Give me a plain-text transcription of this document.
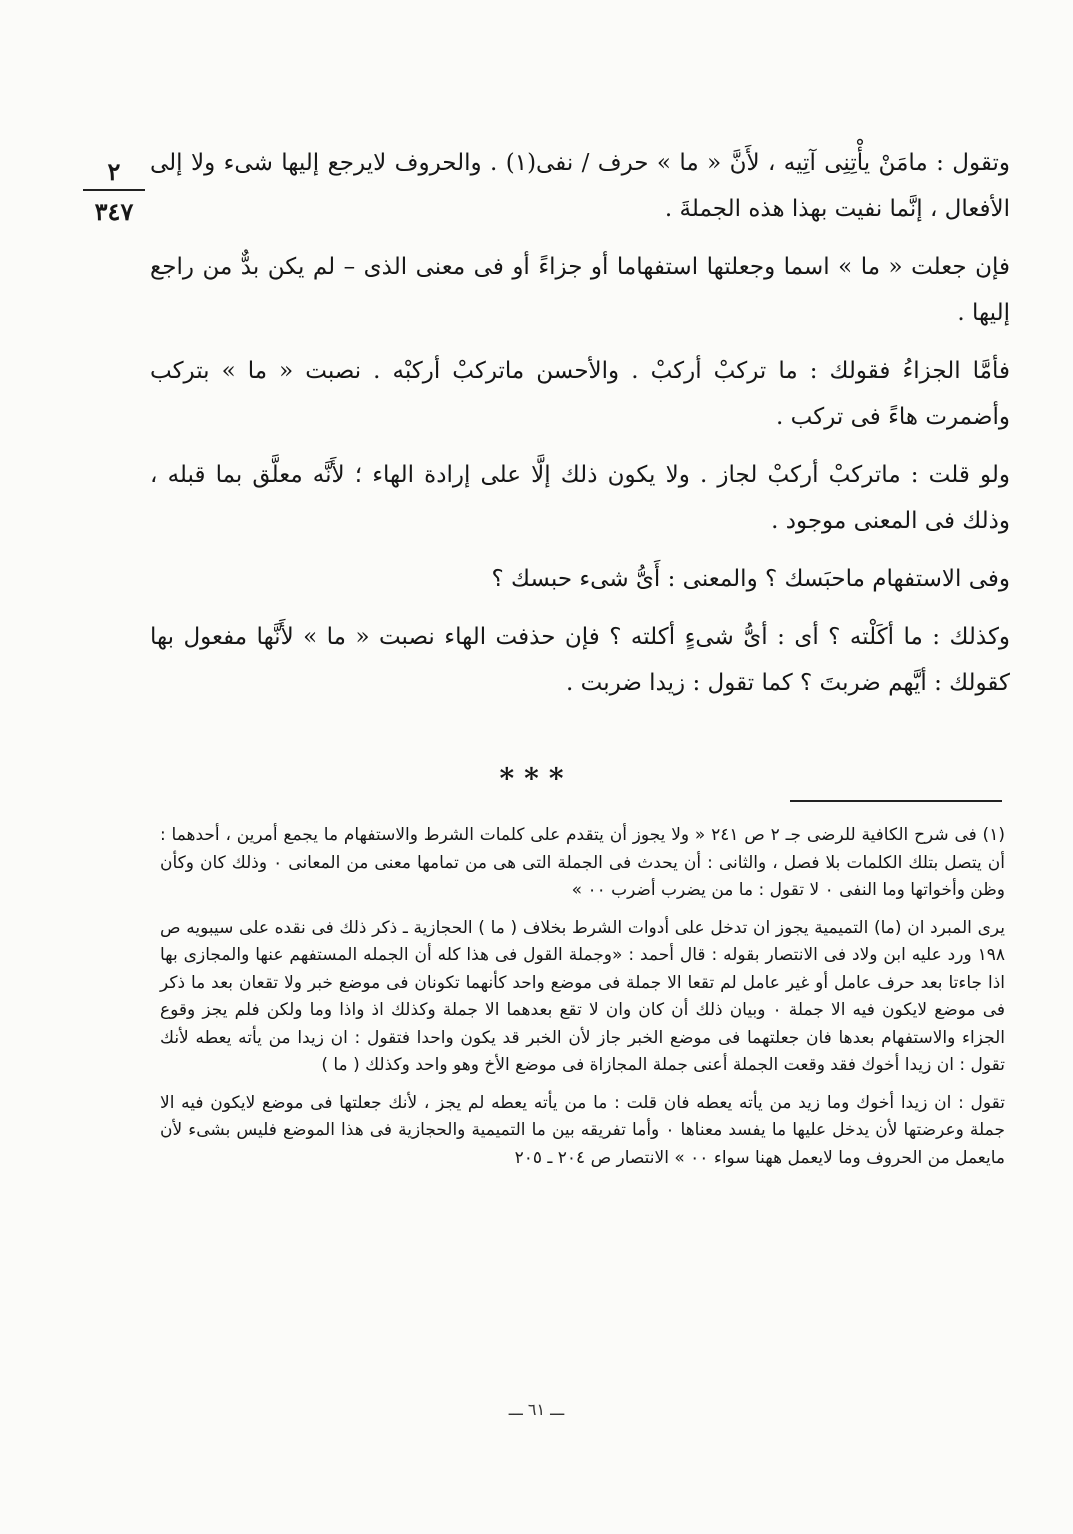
٢
٣٤٧

وتقول : مامَنْ يأْتِنِى آتِيه ، لأَنَّ « ما » حرف / نفى(١) . والحروف لايرجع إليها شىء ولا إلى الأفعال ، إنَّما نفيت بهذا هذه الجملةَ .

فإن جعلت « ما » اسما وجعلتها استفهاما أو جزاءً أو فى معنى الذى – لم يكن بدٌّ من راجع إليها .

فأمَّا الجزاءُ فقولك : ما تركبْ أركبْ . والأحسن ماتركبْ أركبْه . نصبت « ما » بتركب وأضمرت هاءً فى تركب .

ولو قلت : ماتركبْ أركبْ لجاز . ولا يكون ذلك إلَّا على إرادة الهاء ؛ لأَنَّه معلَّق بما قبله ، وذلك فى المعنى موجود .

وفى الاستفهام ماحبَسك ؟ والمعنى : أَىُّ شىء حبسك ؟

وكذلك : ما أكَلْته ؟ أى : أىُّ شىءٍ أكلته ؟ فإن حذفت الهاء نصبت « ما » لأَنَّها مفعول بها كقولك : أيَّهم ضربتَ ؟ كما تقول : زيدا ضربت .

***

(١) فى شرح الكافية للرضى جـ ٢ ص ٢٤١ « ولا يجوز أن يتقدم على كلمات الشرط والاستفهام ما يجمع أمرين ، أحدهما : أن يتصل بتلك الكلمات بلا فصل ، والثانى : أن يحدث فى الجملة التى هى من تمامها معنى من المعانى ٠ وذلك كان وكأن وظن وأخواتها وما النفى ٠ لا تقول : ما من يضرب أضرب ٠٠ »

يرى المبرد ان (ما) التميمية يجوز ان تدخل على أدوات الشرط بخلاف ( ما ) الحجازية ـ ذكر ذلك فى نقده على سيبويه ص ١٩٨ ورد عليه ابن ولاد فى الانتصار بقوله : قال أحمد : «وجملة القول فى هذا كله أن الجمله المستفهم عنها والمجازى بها اذا جاءتا بعد حرف عامل أو غير عامل لم تقعا الا جملة فى موضع واحد كأنهما تكونان فى موضع خبر ولا تقعان بعد ما ذكر فى موضع لايكون فيه الا جملة ٠ وبيان ذلك أن كان وان لا تقع بعدهما الا جملة وكذلك اذ واذا وما ولكن فلم يجز وقوع الجزاء والاستفهام بعدها فان جعلتهما فى موضع الخبر جاز لأن الخبر قد يكون واحدا فتقول : ان زيدا من يأته يعطه لأنك تقول : ان زيدا أخوك فقد وقعت الجملة أعنى جملة المجازاة فى موضع الأخ وهو واحد وكذلك ( ما )

تقول : ان زيدا أخوك وما زيد من يأته يعطه فان قلت : ما من يأته يعطه لم يجز ، لأنك جعلتها فى موضع لايكون فيه الا جملة وعرضتها لأن يدخل عليها ما يفسد معناها ٠ وأما تفريقه بين ما التميمية والحجازية فى هذا الموضع فليس بشىء لأن مايعمل من الحروف وما لايعمل ههنا سواء ٠٠ » الانتصار ص ٢٠٤ ـ ٢٠٥

ـــ ٦١ ـــ
